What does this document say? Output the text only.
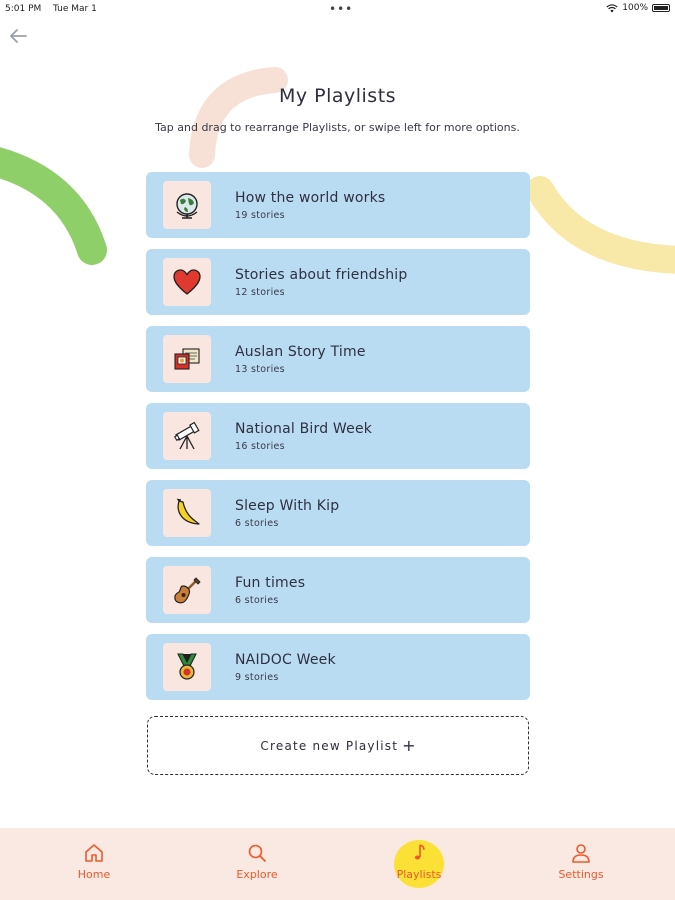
5:01 PM Tue Mar 1	•••	100%
My Playlists
Tap and drag to rearrange Playlists, or swipe left for more options.
How the world works
19 stories
Stories about friendship
12 stories
Auslan Story Time
13 stories
National Bird Week
16 stories
Sleep With Kip
6 stories
Fun times
6 stories
NAIDOC Week
9 stories
Create new Playlist +
Home	Explore	Playlists	Settings
